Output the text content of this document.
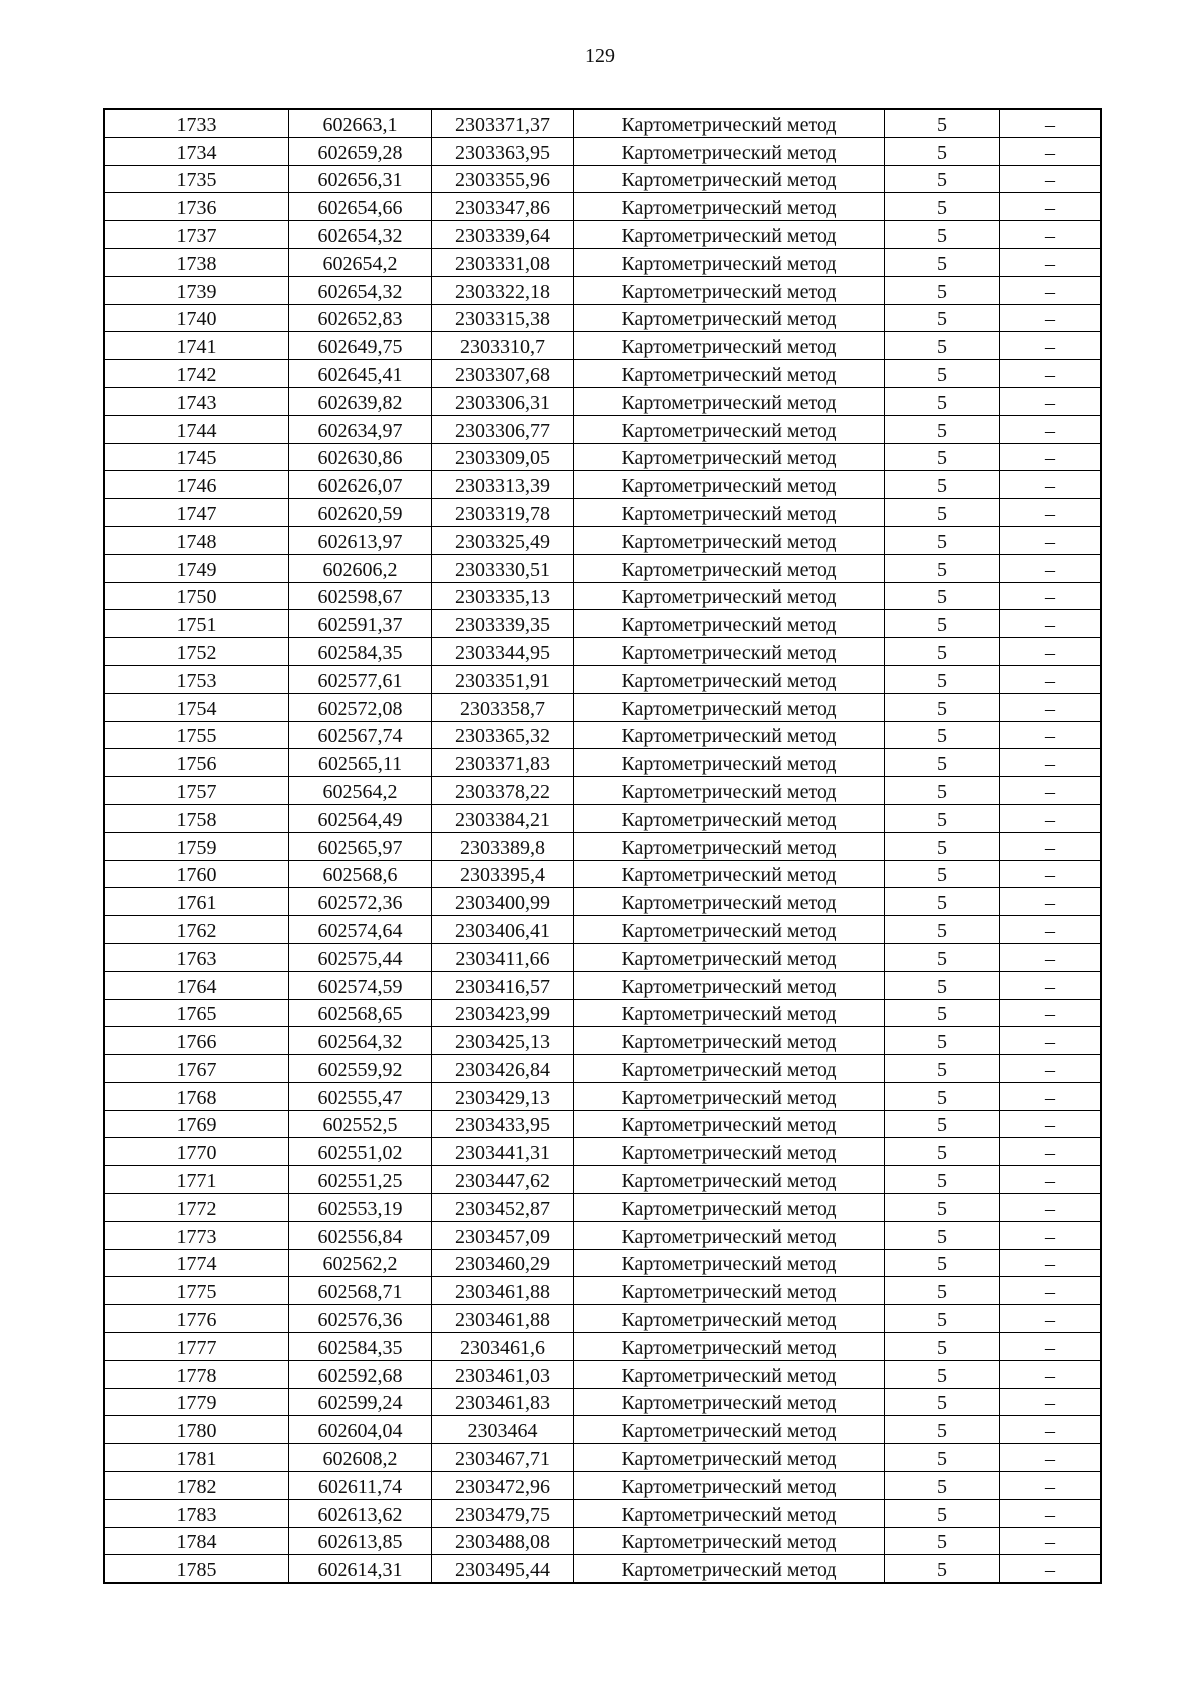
129
1733	602663,1	2303371,37	Картометрический метод	5	–
1734	602659,28	2303363,95	Картометрический метод	5	–
1735	602656,31	2303355,96	Картометрический метод	5	–
1736	602654,66	2303347,86	Картометрический метод	5	–
1737	602654,32	2303339,64	Картометрический метод	5	–
1738	602654,2	2303331,08	Картометрический метод	5	–
1739	602654,32	2303322,18	Картометрический метод	5	–
1740	602652,83	2303315,38	Картометрический метод	5	–
1741	602649,75	2303310,7	Картометрический метод	5	–
1742	602645,41	2303307,68	Картометрический метод	5	–
1743	602639,82	2303306,31	Картометрический метод	5	–
1744	602634,97	2303306,77	Картометрический метод	5	–
1745	602630,86	2303309,05	Картометрический метод	5	–
1746	602626,07	2303313,39	Картометрический метод	5	–
1747	602620,59	2303319,78	Картометрический метод	5	–
1748	602613,97	2303325,49	Картометрический метод	5	–
1749	602606,2	2303330,51	Картометрический метод	5	–
1750	602598,67	2303335,13	Картометрический метод	5	–
1751	602591,37	2303339,35	Картометрический метод	5	–
1752	602584,35	2303344,95	Картометрический метод	5	–
1753	602577,61	2303351,91	Картометрический метод	5	–
1754	602572,08	2303358,7	Картометрический метод	5	–
1755	602567,74	2303365,32	Картометрический метод	5	–
1756	602565,11	2303371,83	Картометрический метод	5	–
1757	602564,2	2303378,22	Картометрический метод	5	–
1758	602564,49	2303384,21	Картометрический метод	5	–
1759	602565,97	2303389,8	Картометрический метод	5	–
1760	602568,6	2303395,4	Картометрический метод	5	–
1761	602572,36	2303400,99	Картометрический метод	5	–
1762	602574,64	2303406,41	Картометрический метод	5	–
1763	602575,44	2303411,66	Картометрический метод	5	–
1764	602574,59	2303416,57	Картометрический метод	5	–
1765	602568,65	2303423,99	Картометрический метод	5	–
1766	602564,32	2303425,13	Картометрический метод	5	–
1767	602559,92	2303426,84	Картометрический метод	5	–
1768	602555,47	2303429,13	Картометрический метод	5	–
1769	602552,5	2303433,95	Картометрический метод	5	–
1770	602551,02	2303441,31	Картометрический метод	5	–
1771	602551,25	2303447,62	Картометрический метод	5	–
1772	602553,19	2303452,87	Картометрический метод	5	–
1773	602556,84	2303457,09	Картометрический метод	5	–
1774	602562,2	2303460,29	Картометрический метод	5	–
1775	602568,71	2303461,88	Картометрический метод	5	–
1776	602576,36	2303461,88	Картометрический метод	5	–
1777	602584,35	2303461,6	Картометрический метод	5	–
1778	602592,68	2303461,03	Картометрический метод	5	–
1779	602599,24	2303461,83	Картометрический метод	5	–
1780	602604,04	2303464	Картометрический метод	5	–
1781	602608,2	2303467,71	Картометрический метод	5	–
1782	602611,74	2303472,96	Картометрический метод	5	–
1783	602613,62	2303479,75	Картометрический метод	5	–
1784	602613,85	2303488,08	Картометрический метод	5	–
1785	602614,31	2303495,44	Картометрический метод	5	–
